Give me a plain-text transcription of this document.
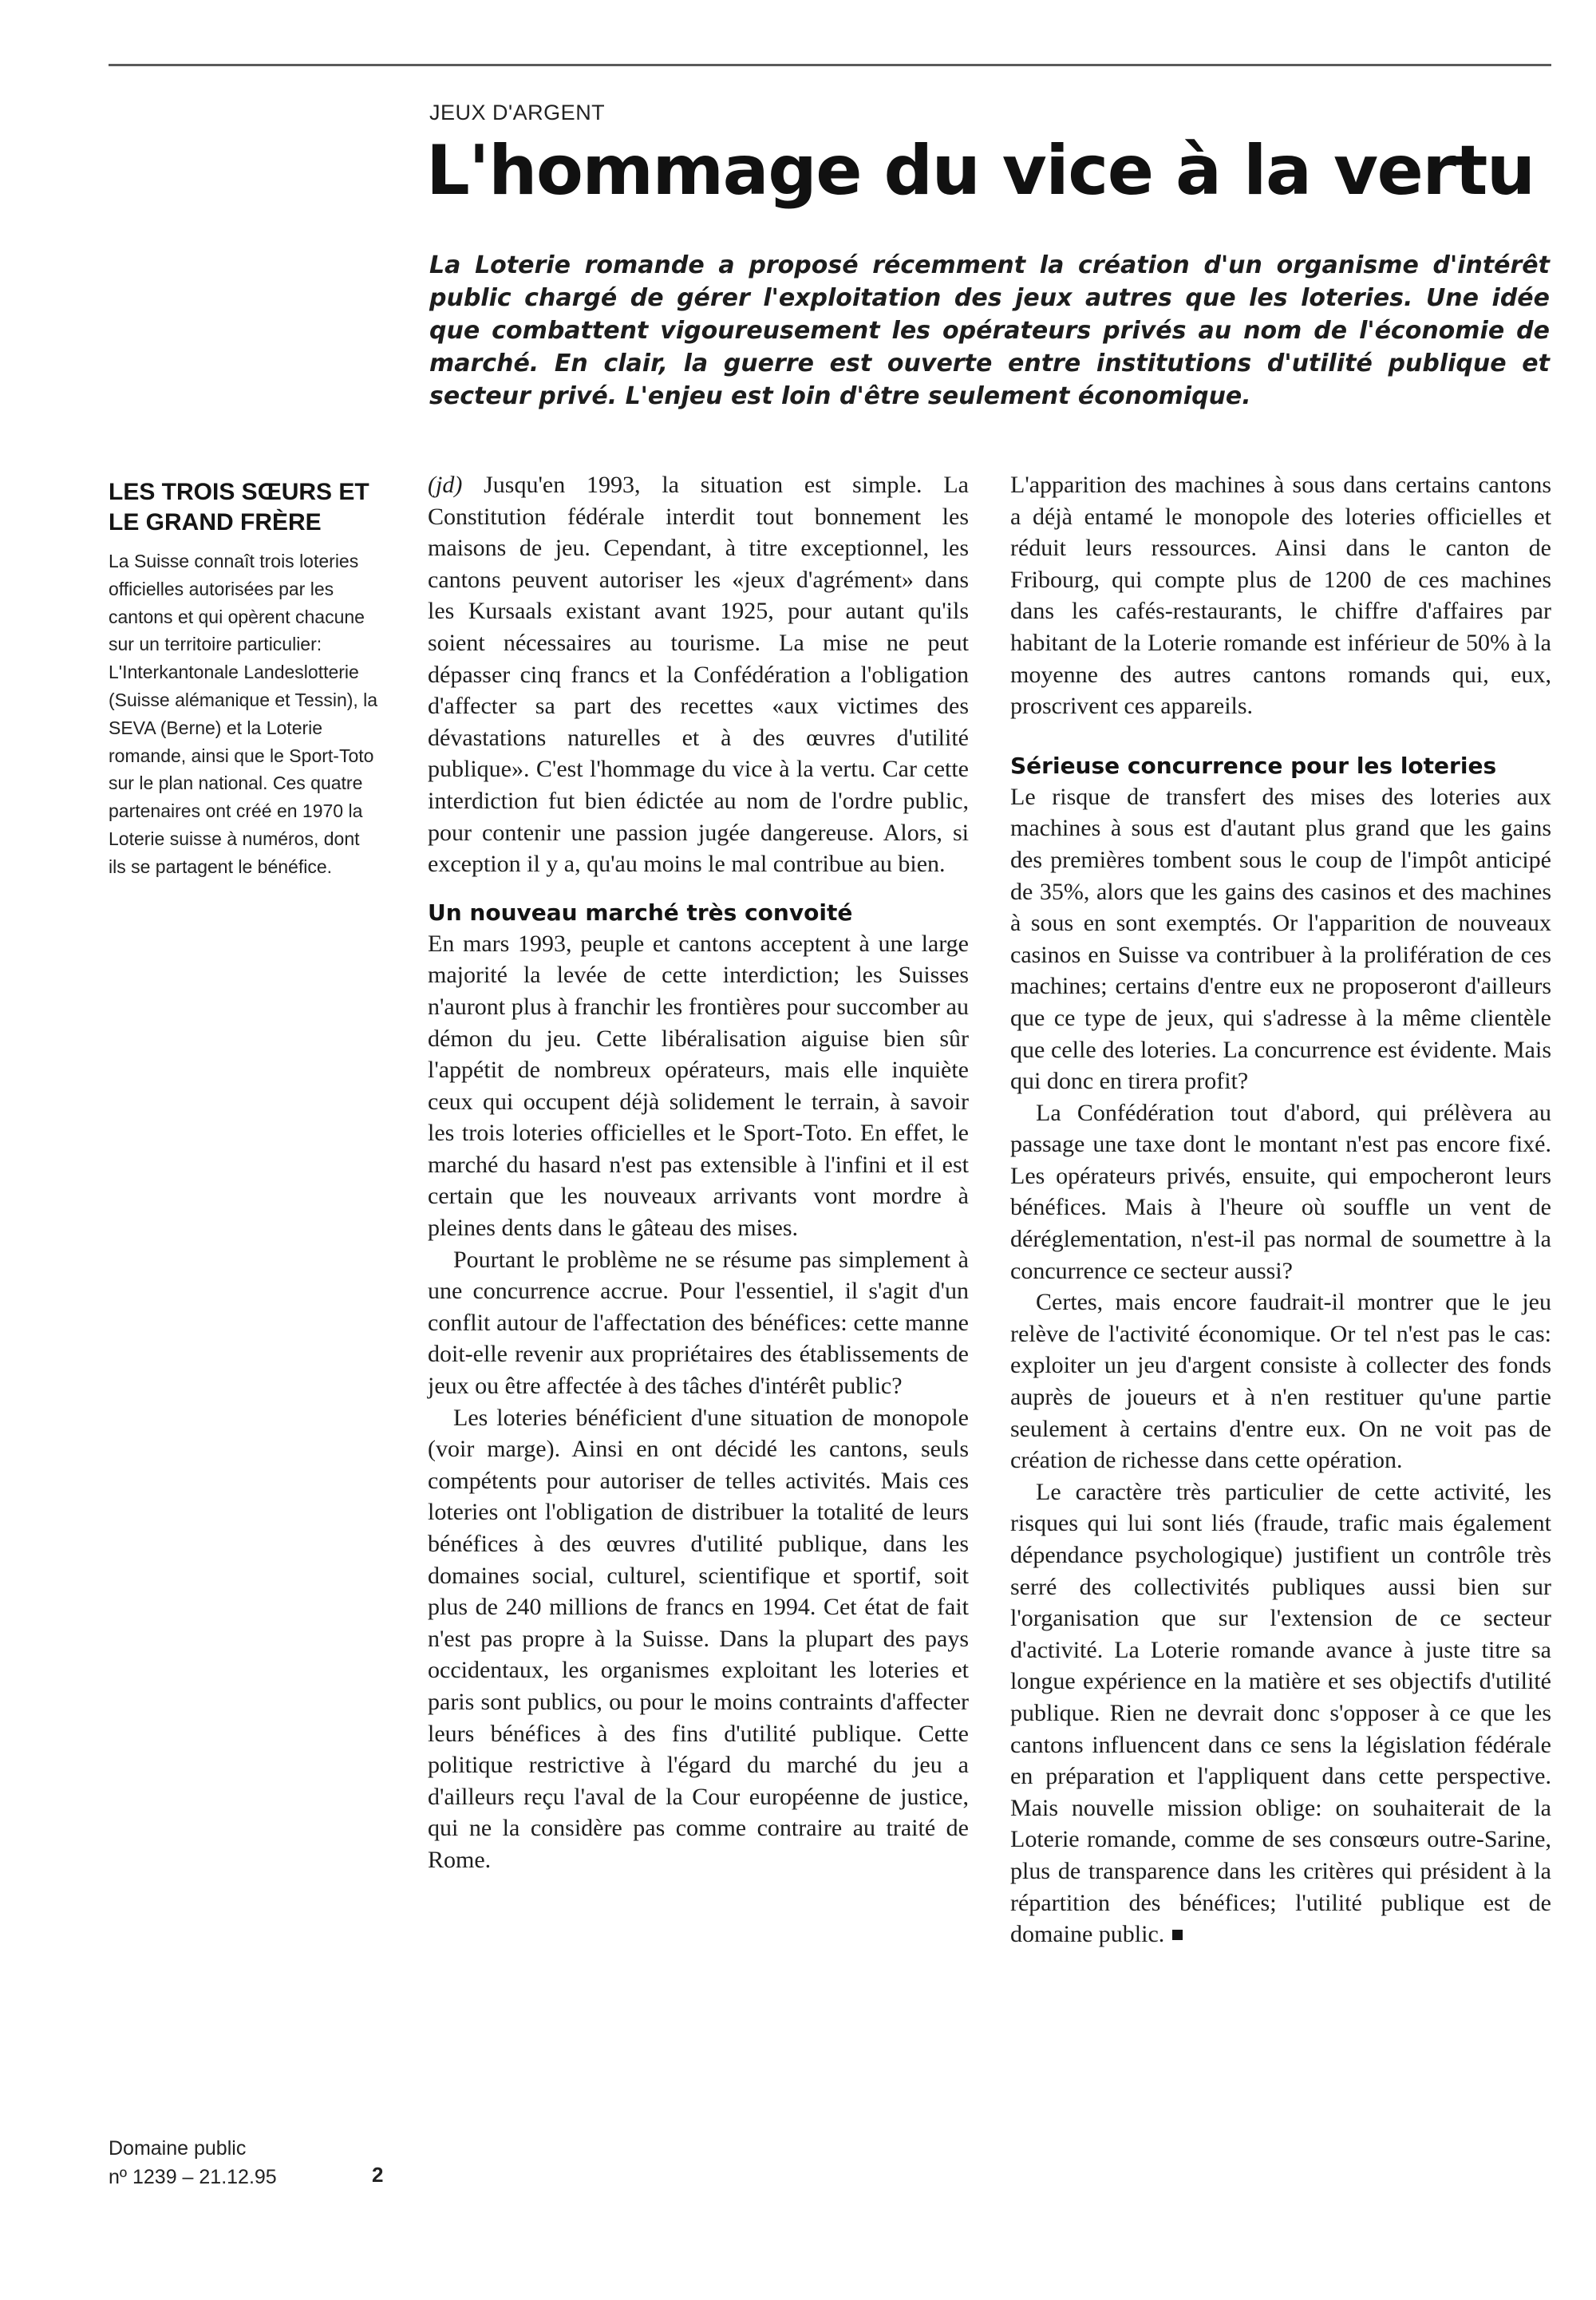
JEUX D'ARGENT
L'hommage du vice à la vertu

La Loterie romande a proposé récemment la création d'un organisme d'intérêt public chargé de gérer l'exploitation des jeux autres que les loteries. Une idée que combattent vigoureusement les opérateurs privés au nom de l'économie de marché. En clair, la guerre est ouverte entre institutions d'utilité publique et secteur privé. L'enjeu est loin d'être seulement économique.

LES TROIS SŒURS ET LE GRAND FRÈRE

La Suisse connaît trois loteries officielles autorisées par les cantons et qui opèrent chacune sur un territoire particulier: L'Interkantonale Landeslotterie (Suisse alémanique et Tessin), la SEVA (Berne) et la Loterie romande, ainsi que le Sport-Toto sur le plan national. Ces quatre partenaires ont créé en 1970 la Loterie suisse à numéros, dont ils se partagent le bénéfice.

(jd) Jusqu'en 1993, la situation est simple. La Constitution fédérale interdit tout bonnement les maisons de jeu. Cependant, à titre exceptionnel, les cantons peuvent autoriser les «jeux d'agrément» dans les Kursaals existant avant 1925, pour autant qu'ils soient nécessaires au tourisme. La mise ne peut dépasser cinq francs et la Confédération a l'obligation d'affecter sa part des recettes «aux victimes des dévastations naturelles et à des œuvres d'utilité publique». C'est l'hommage du vice à la vertu. Car cette interdiction fut bien édictée au nom de l'ordre public, pour contenir une passion jugée dangereuse. Alors, si exception il y a, qu'au moins le mal contribue au bien.

Un nouveau marché très convoité

En mars 1993, peuple et cantons acceptent à une large majorité la levée de cette interdiction; les Suisses n'auront plus à franchir les frontières pour succomber au démon du jeu. Cette libéralisation aiguise bien sûr l'appétit de nombreux opérateurs, mais elle inquiète ceux qui occupent déjà solidement le terrain, à savoir les trois loteries officielles et le Sport-Toto. En effet, le marché du hasard n'est pas extensible à l'infini et il est certain que les nouveaux arrivants vont mordre à pleines dents dans le gâteau des mises.

Pourtant le problème ne se résume pas simplement à une concurrence accrue. Pour l'essentiel, il s'agit d'un conflit autour de l'affectation des bénéfices: cette manne doit-elle revenir aux propriétaires des établissements de jeux ou être affectée à des tâches d'intérêt public?

Les loteries bénéficient d'une situation de monopole (voir marge). Ainsi en ont décidé les cantons, seuls compétents pour autoriser de telles activités. Mais ces loteries ont l'obligation de distribuer la totalité de leurs bénéfices à des œuvres d'utilité publique, dans les domaines social, culturel, scientifique et sportif, soit plus de 240 millions de francs en 1994. Cet état de fait n'est pas propre à la Suisse. Dans la plupart des pays occidentaux, les organismes exploitant les loteries et paris sont publics, ou pour le moins contraints d'affecter leurs bénéfices à des fins d'utilité publique. Cette politique restrictive à l'égard du marché du jeu a d'ailleurs reçu l'aval de la Cour européenne de justice, qui ne la considère pas comme contraire au traité de Rome.

L'apparition des machines à sous dans certains cantons a déjà entamé le monopole des loteries officielles et réduit leurs ressources. Ainsi dans le canton de Fribourg, qui compte plus de 1200 de ces machines dans les cafés-restaurants, le chiffre d'affaires par habitant de la Loterie romande est inférieur de 50% à la moyenne des autres cantons romands qui, eux, proscrivent ces appareils.

Sérieuse concurrence pour les loteries

Le risque de transfert des mises des loteries aux machines à sous est d'autant plus grand que les gains des premières tombent sous le coup de l'impôt anticipé de 35%, alors que les gains des casinos et des machines à sous en sont exemptés. Or l'apparition de nouveaux casinos en Suisse va contribuer à la prolifération de ces machines; certains d'entre eux ne proposeront d'ailleurs que ce type de jeux, qui s'adresse à la même clientèle que celle des loteries. La concurrence est évidente. Mais qui donc en tirera profit?

La Confédération tout d'abord, qui prélèvera au passage une taxe dont le montant n'est pas encore fixé. Les opérateurs privés, ensuite, qui empocheront leurs bénéfices. Mais à l'heure où souffle un vent de déréglementation, n'est-il pas normal de soumettre à la concurrence ce secteur aussi?

Certes, mais encore faudrait-il montrer que le jeu relève de l'activité économique. Or tel n'est pas le cas: exploiter un jeu d'argent consiste à collecter des fonds auprès de joueurs et à n'en restituer qu'une partie seulement à certains d'entre eux. On ne voit pas de création de richesse dans cette opération.

Le caractère très particulier de cette activité, les risques qui lui sont liés (fraude, trafic mais également dépendance psychologique) justifient un contrôle très serré des collectivités publiques aussi bien sur l'organisation que sur l'extension de ce secteur d'activité. La Loterie romande avance à juste titre sa longue expérience en la matière et ses objectifs d'utilité publique. Rien ne devrait donc s'opposer à ce que les cantons influencent dans ce sens la législation fédérale en préparation et l'appliquent dans cette perspective. Mais nouvelle mission oblige: on souhaiterait de la Loterie romande, comme de ses consœurs outre-Sarine, plus de transparence dans les critères qui président à la répartition des bénéfices; l'utilité publique est de domaine public.

Domaine public
nº 1239 – 21.12.95	2
